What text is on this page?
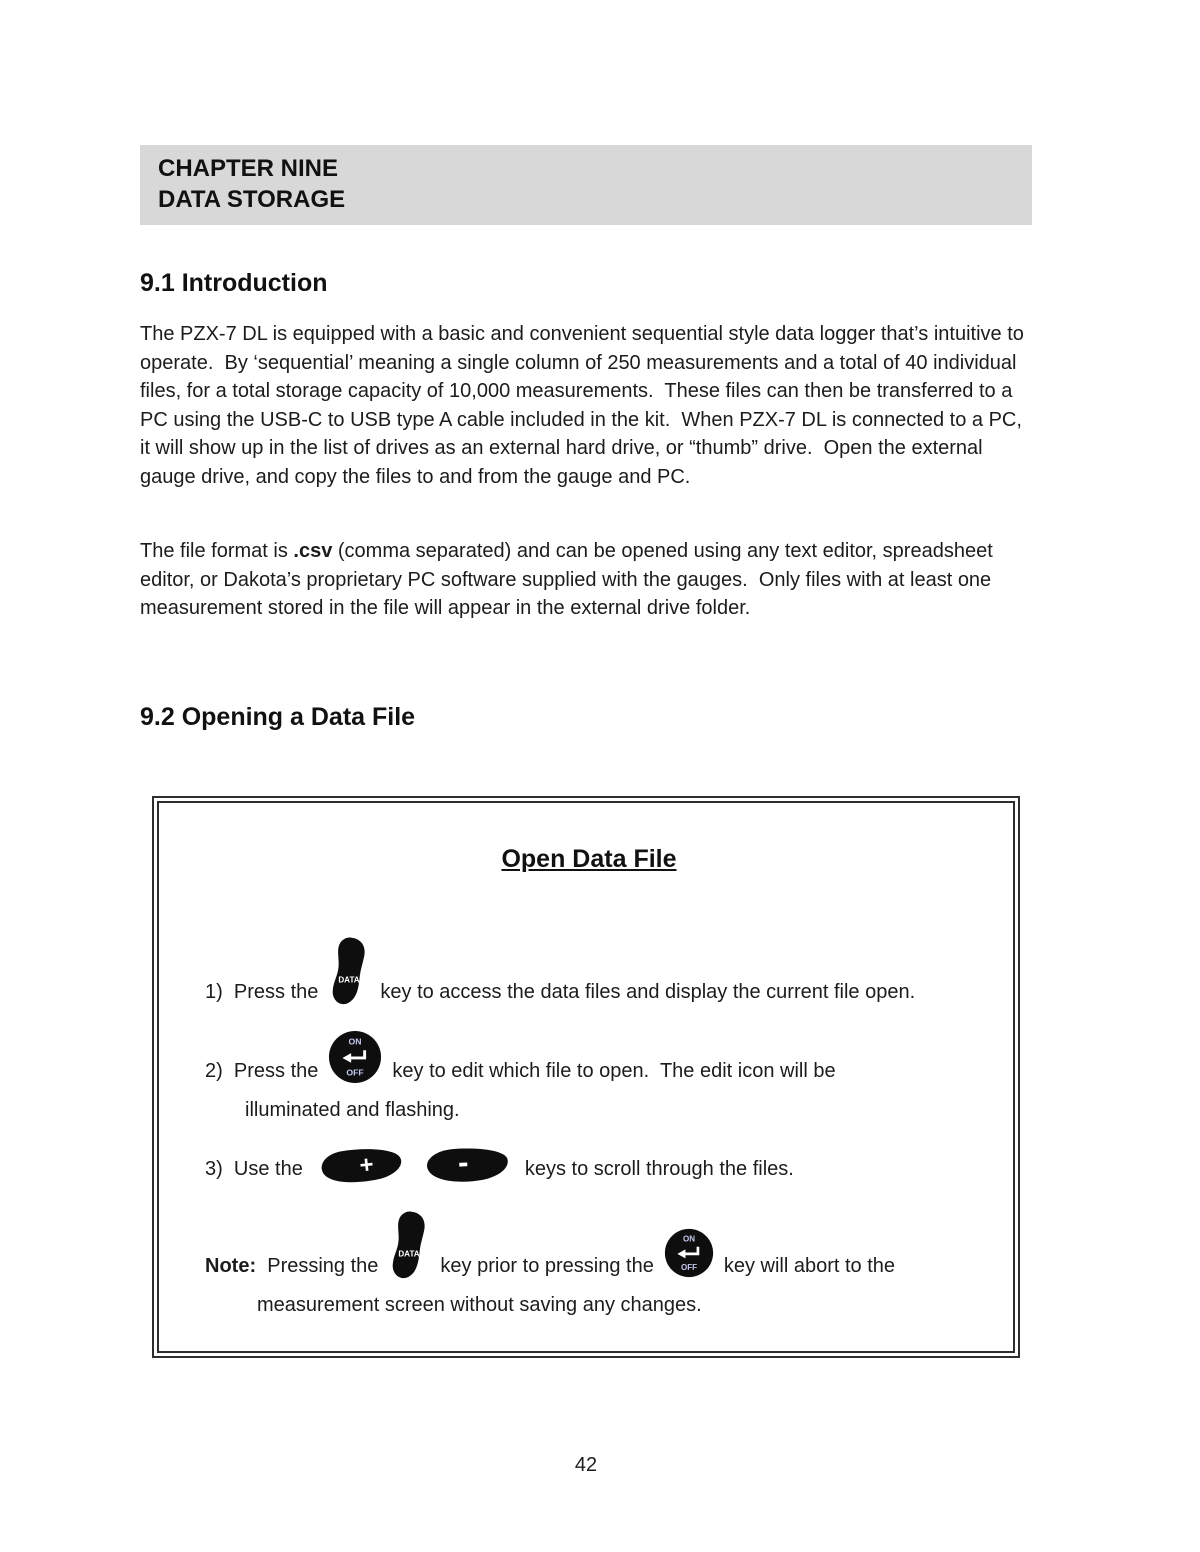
CHAPTER NINE
DATA STORAGE
9.1 Introduction

The PZX-7 DL is equipped with a basic and convenient sequential style data logger that’s intuitive to operate.  By ‘sequential’ meaning a single column of 250 measurements and a total of 40 individual files, for a total storage capacity of 10,000 measurements.  These files can then be transferred to a PC using the USB-C to USB type A cable included in the kit.  When PZX-7 DL is connected to a PC, it will show up in the list of drives as an external hard drive, or “thumb” drive.  Open the external gauge drive, and copy the files to and from the gauge and PC.

The file format is .csv (comma separated) and can be opened using any text editor, spreadsheet editor, or Dakota’s proprietary PC software supplied with the gauges.  Only files with at least one measurement stored in the file will appear in the external drive folder.

9.2 Opening a Data File
Open Data File
1)  Press the
DATA
key to access the data files and display the current file open.
2)  Press the
ON
OFF key to edit which file to open.  The edit icon will be
illuminated and flashing.
3)  Use the + -	keys to scroll through the files.
Note:  Pressing the
DATA
key prior to pressing the
ON
OFF key will abort to the
measurement screen without saving any changes.
42
